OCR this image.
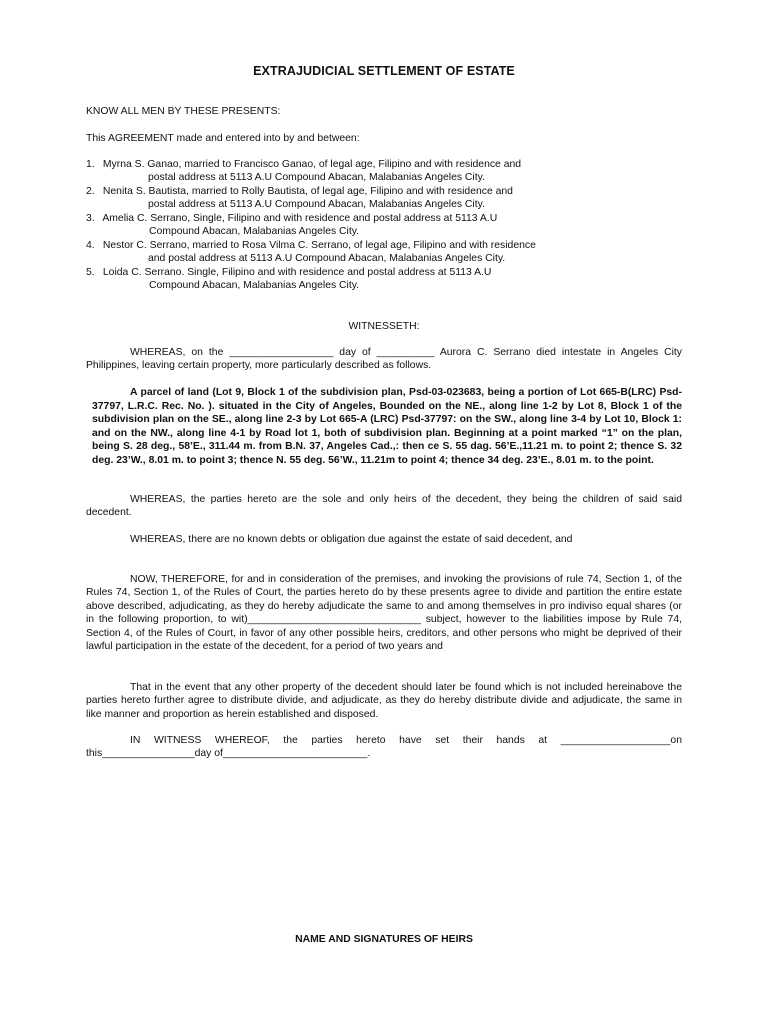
EXTRAJUDICIAL SETTLEMENT OF ESTATE
KNOW ALL MEN BY THESE PRESENTS:
This AGREEMENT made and entered into by and between:
1. Myrna S. Ganao, married to Francisco Ganao, of legal age, Filipino and with residence and
postal address at 5113 A.U Compound Abacan, Malabanias Angeles City.
2. Nenita S. Bautista, married to Rolly Bautista, of legal age, Filipino and with residence and
postal address at 5113 A.U Compound Abacan, Malabanias Angeles City.
3. Amelia C. Serrano, Single, Filipino and with residence and postal address at 5113 A.U
Compound Abacan, Malabanias Angeles City.
4. Nestor C. Serrano, married to Rosa Vilma C. Serrano, of legal age, Filipino and with residence
and postal address at 5113 A.U Compound Abacan, Malabanias Angeles City.
5. Loida C. Serrano. Single, Filipino and with residence and postal address at 5113 A.U
Compound Abacan, Malabanias Angeles City.
WITNESSETH:
WHEREAS, on the __________________ day of __________ Aurora C. Serrano died intestate in Angeles City Philippines, leaving certain property, more particularly described as follows.
A parcel of land (Lot 9, Block 1 of the subdivision plan, Psd-03-023683, being a portion of Lot 665-B(LRC) Psd-37797, L.R.C. Rec. No. ). situated in the City of Angeles, Bounded on the NE., along line 1-2 by Lot 8, Block 1 of the subdivision plan on the SE., along line 2-3 by Lot 665-A (LRC) Psd-37797: on the SW., along line 3-4 by Lot 10, Block 1: and on the NW., along line 4-1 by Road lot 1, both of subdivision plan. Beginning at a point marked “1” on the plan, being S. 28 deg., 58’E., 311.44 m. from B.N. 37, Angeles Cad.,: then ce S. 55 dag. 56’E.,11.21 m. to point 2; thence S. 32 deg. 23’W., 8.01 m. to point 3; thence N. 55 deg. 56’W., 11.21m to point 4; thence 34 deg. 23’E., 8.01 m. to the point.
WHEREAS, the parties hereto are the sole and only heirs of the decedent, they being the children of said said decedent.
WHEREAS, there are no known debts or obligation due against the estate of said decedent, and
NOW, THEREFORE, for and in consideration of the premises, and invoking the provisions of rule 74, Section 1, of the Rules 74, Section 1, of the Rules of Court, the parties hereto do by these presents agree to divide and partition the entire estate above described, adjudicating, as they do hereby adjudicate the same to and among themselves in pro indiviso equal shares (or in the following proportion, to wit)______________________________ subject, however to the liabilities impose by Rule 74, Section 4, of the Rules of Court, in favor of any other possible heirs, creditors, and other persons who might be deprived of their lawful participation in the estate of the decedent, for a period of two years and
That in the event that any other property of the decedent should later be found which is not included hereinabove the parties hereto further agree to distribute divide, and adjudicate, as they do hereby distribute divide and adjudicate, the same in like manner and proportion as herein established and disposed.
IN WITNESS WHEREOF, the parties hereto have set their hands at ___________________on this________________day of_________________________.
NAME AND SIGNATURES OF HEIRS
